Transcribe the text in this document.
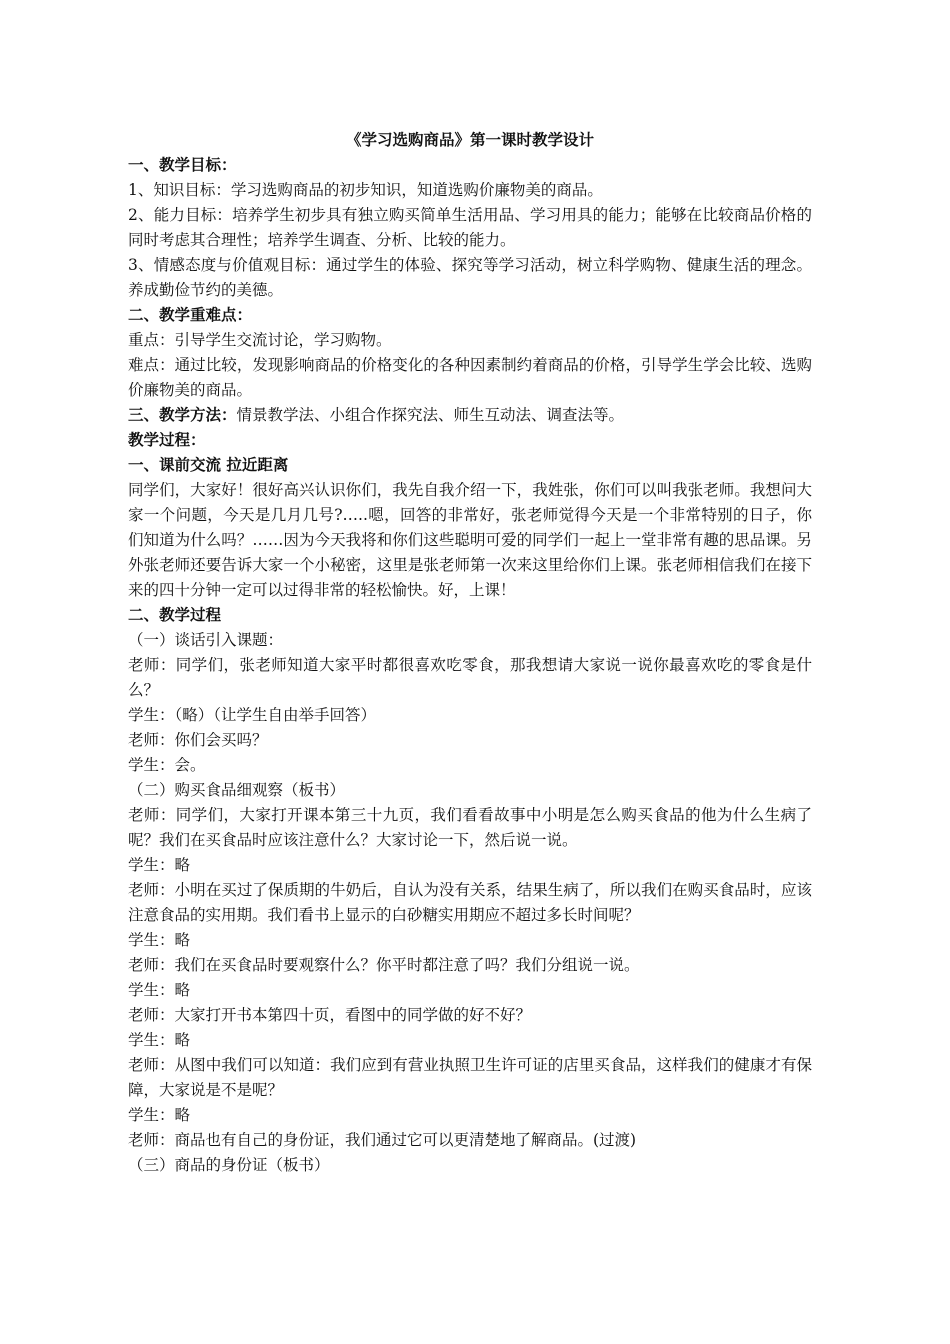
《学习选购商品》第一课时教学设计

一、教学目标：

1、知识目标：学习选购商品的初步知识，知道选购价廉物美的商品。

2、能力目标：培养学生初步具有独立购买简单生活用品、学习用具的能力；能够在比较商品价格的同时考虑其合理性；培养学生调查、分析、比较的能力。

3、情感态度与价值观目标：通过学生的体验、探究等学习活动，树立科学购物、健康生活的理念。养成勤俭节约的美德。

二、教学重难点：

重点：引导学生交流讨论，学习购物。

难点：通过比较，发现影响商品的价格变化的各种因素制约着商品的价格，引导学生学会比较、选购价廉物美的商品。

三、教学方法：情景教学法、小组合作探究法、师生互动法、调查法等。

教学过程：

一、课前交流 拉近距离

同学们，大家好！很好高兴认识你们，我先自我介绍一下，我姓张，你们可以叫我张老师。我想问大家一个问题，今天是几月几号?…..嗯，回答的非常好，张老师觉得今天是一个非常特别的日子，你们知道为什么吗？……因为今天我将和你们这些聪明可爱的同学们一起上一堂非常有趣的思品课。另外张老师还要告诉大家一个小秘密，这里是张老师第一次来这里给你们上课。张老师相信我们在接下来的四十分钟一定可以过得非常的轻松愉快。好，上课！

二、教学过程

（一）谈话引入课题：

老师：同学们，张老师知道大家平时都很喜欢吃零食，那我想请大家说一说你最喜欢吃的零食是什么？

学生：（略）（让学生自由举手回答）

老师：你们会买吗？

学生：会。

（二）购买食品细观察（板书）

老师：同学们，大家打开课本第三十九页，我们看看故事中小明是怎么购买食品的他为什么生病了呢？我们在买食品时应该注意什么？大家讨论一下，然后说一说。

学生：略

老师：小明在买过了保质期的牛奶后，自认为没有关系，结果生病了，所以我们在购买食品时，应该注意食品的实用期。我们看书上显示的白砂糖实用期应不超过多长时间呢？

学生：略

老师：我们在买食品时要观察什么？你平时都注意了吗？我们分组说一说。

学生：略

老师：大家打开书本第四十页，看图中的同学做的好不好？

学生：略

老师：从图中我们可以知道：我们应到有营业执照卫生许可证的店里买食品，这样我们的健康才有保障，大家说是不是呢？

学生：略

老师：商品也有自己的身份证，我们通过它可以更清楚地了解商品。(过渡)

（三）商品的身份证（板书）
